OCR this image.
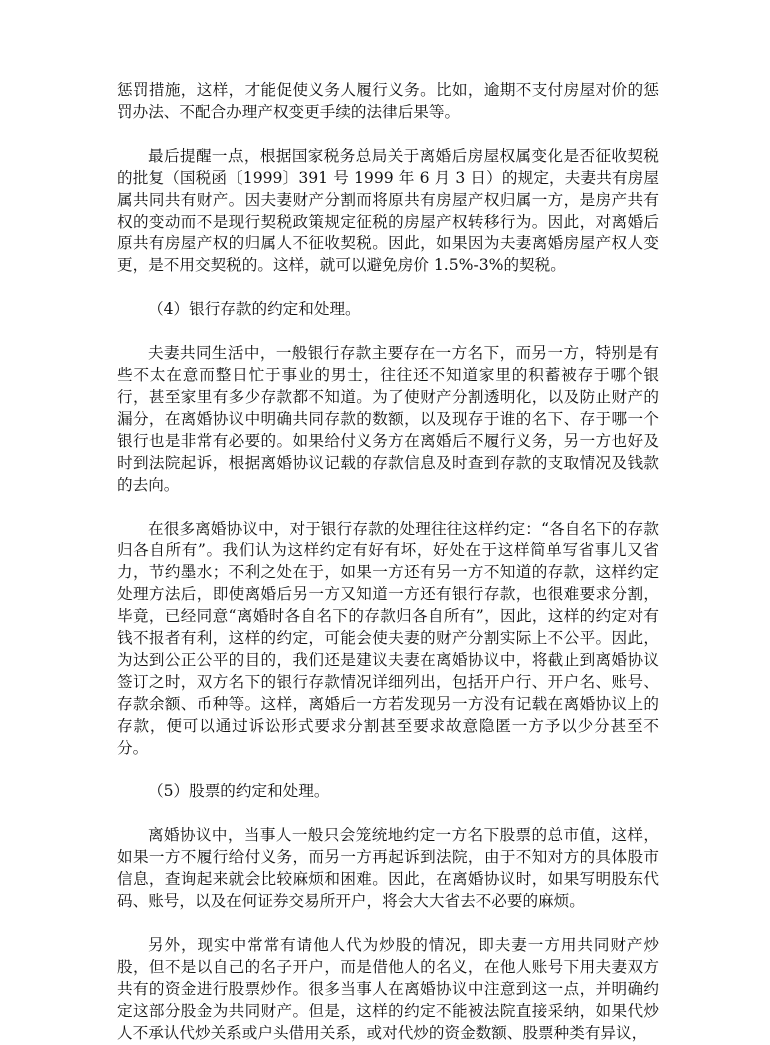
惩罚措施，这样，才能促使义务人履行义务。比如，逾期不支付房屋对价的惩罚办法、不配合办理产权变更手续的法律后果等。

最后提醒一点，根据国家税务总局关于离婚后房屋权属变化是否征收契税的批复（国税函〔1999〕391 号 1999 年 6 月 3 日）的规定，夫妻共有房屋属共同共有财产。因夫妻财产分割而将原共有房屋产权归属一方，是房产共有权的变动而不是现行契税政策规定征税的房屋产权转移行为。因此，对离婚后原共有房屋产权的归属人不征收契税。因此，如果因为夫妻离婚房屋产权人变更，是不用交契税的。这样，就可以避免房价 1.5%-3%的契税。

（4）银行存款的约定和处理。

夫妻共同生活中，一般银行存款主要存在一方名下，而另一方，特别是有些不太在意而整日忙于事业的男士，往往还不知道家里的积蓄被存于哪个银行，甚至家里有多少存款都不知道。为了使财产分割透明化，以及防止财产的漏分，在离婚协议中明确共同存款的数额，以及现存于谁的名下、存于哪一个银行也是非常有必要的。如果给付义务方在离婚后不履行义务，另一方也好及时到法院起诉，根据离婚协议记载的存款信息及时查到存款的支取情况及钱款的去向。

在很多离婚协议中，对于银行存款的处理往往这样约定：“各自名下的存款归各自所有”。我们认为这样约定有好有坏，好处在于这样简单写省事儿又省力，节约墨水；不利之处在于，如果一方还有另一方不知道的存款，这样约定处理方法后，即使离婚后另一方又知道一方还有银行存款，也很难要求分割，毕竟，已经同意“离婚时各自名下的存款归各自所有”，因此，这样的约定对有钱不报者有利，这样的约定，可能会使夫妻的财产分割实际上不公平。因此，为达到公正公平的目的，我们还是建议夫妻在离婚协议中，将截止到离婚协议签订之时，双方名下的银行存款情况详细列出，包括开户行、开户名、账号、存款余额、币种等。这样，离婚后一方若发现另一方没有记载在离婚协议上的存款，便可以通过诉讼形式要求分割甚至要求故意隐匿一方予以少分甚至不分。

（5）股票的约定和处理。

离婚协议中，当事人一般只会笼统地约定一方名下股票的总市值，这样，如果一方不履行给付义务，而另一方再起诉到法院，由于不知对方的具体股市信息，查询起来就会比较麻烦和困难。因此，在离婚协议时，如果写明股东代码、账号，以及在何证券交易所开户，将会大大省去不必要的麻烦。

另外，现实中常常有请他人代为炒股的情况，即夫妻一方用共同财产炒股，但不是以自己的名子开户，而是借他人的名义，在他人账号下用夫妻双方共有的资金进行股票炒作。很多当事人在离婚协议中注意到这一点，并明确约定这部分股金为共同财产。但是，这样的约定不能被法院直接采纳，如果代炒人不承认代炒关系或户头借用关系，或对代炒的资金数额、股票种类有异议，
